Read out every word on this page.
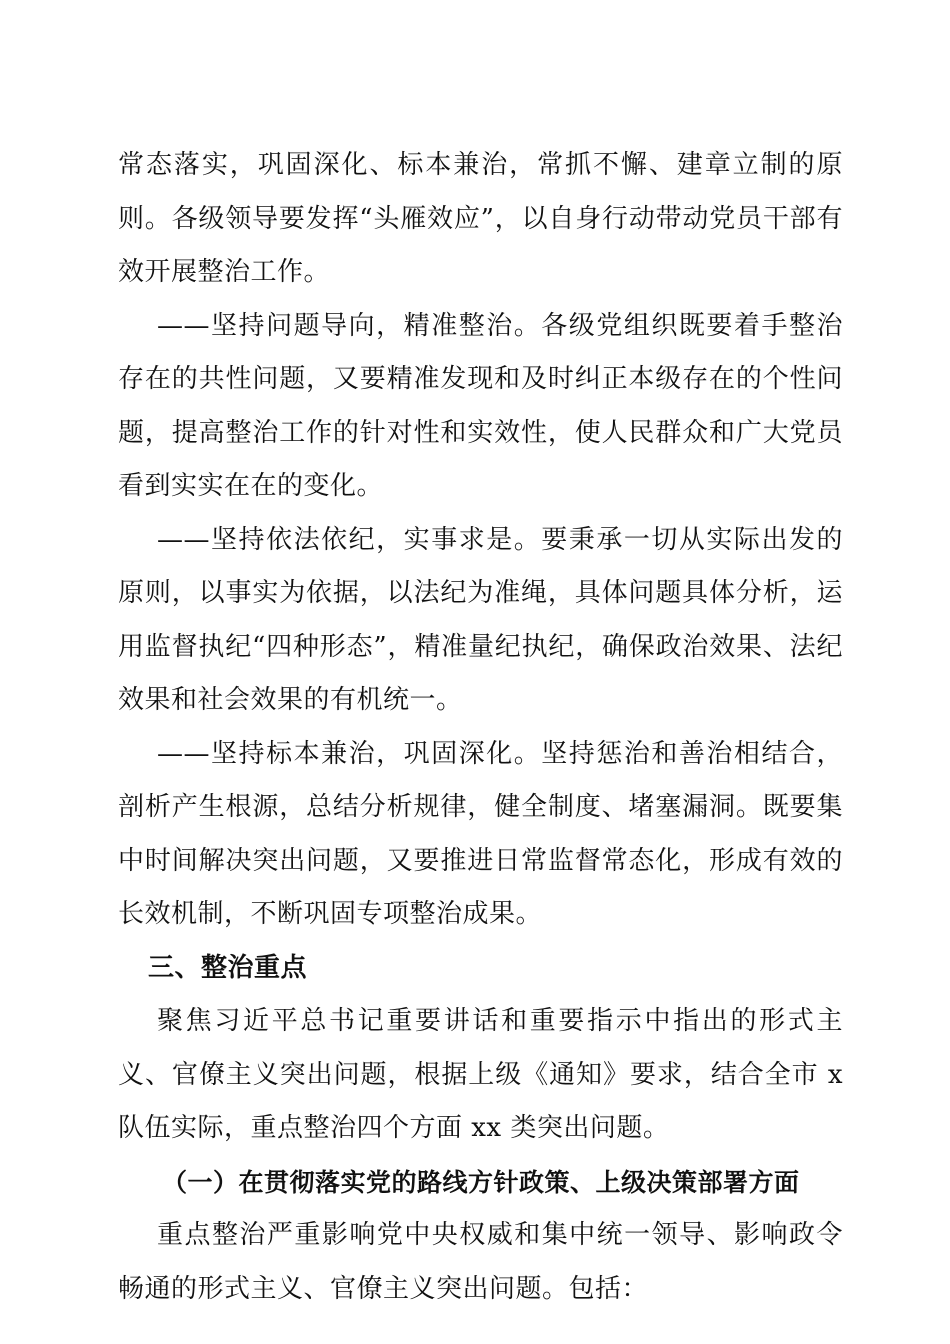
常态落实，巩固深化、标本兼治，常抓不懈、建章立制的原则。各级领导要发挥“头雁效应”，以自身行动带动党员干部有效开展整治工作。

——坚持问题导向，精准整治。各级党组织既要着手整治存在的共性问题，又要精准发现和及时纠正本级存在的个性问题，提高整治工作的针对性和实效性，使人民群众和广大党员看到实实在在的变化。

——坚持依法依纪，实事求是。要秉承一切从实际出发的原则，以事实为依据，以法纪为准绳，具体问题具体分析，运用监督执纪“四种形态”，精准量纪执纪，确保政治效果、法纪效果和社会效果的有机统一。

——坚持标本兼治，巩固深化。坚持惩治和善治相结合，剖析产生根源，总结分析规律，健全制度、堵塞漏洞。既要集中时间解决突出问题，又要推进日常监督常态化，形成有效的长效机制，不断巩固专项整治成果。

三、整治重点

聚焦习近平总书记重要讲话和重要指示中指出的形式主义、官僚主义突出问题，根据上级《通知》要求，结合全市 x 队伍实际，重点整治四个方面 xx 类突出问题。

（一）在贯彻落实党的路线方针政策、上级决策部署方面

重点整治严重影响党中央权威和集中统一领导、影响政令畅通的形式主义、官僚主义突出问题。包括：
